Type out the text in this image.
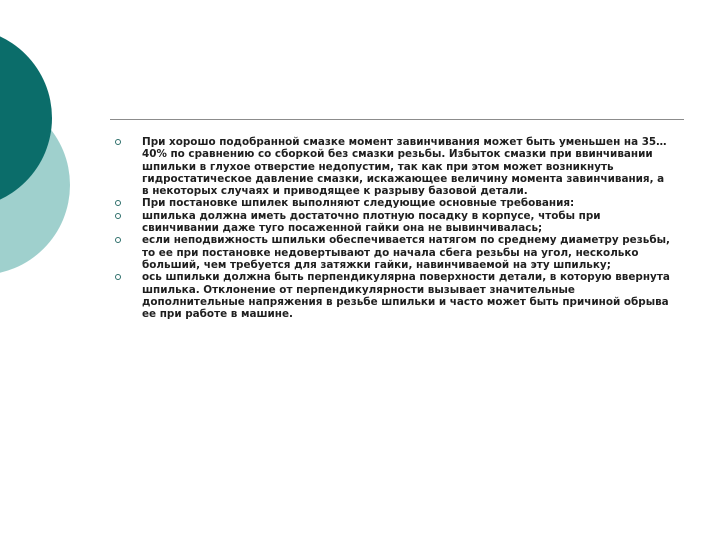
При хорошо подобранной смазке момент завинчивания может быть уменьшен на 35…40% по сравнению со сборкой без смазки резьбы. Избыток смазки при ввинчивании шпильки в глухое отверстие недопустим, так как при этом может возникнуть гидростатическое давление смазки, искажающее величину момента завинчивания, а в некоторых случаях и приводящее к разрыву базовой детали.
При постановке шпилек выполняют следующие основные требования:
шпилька должна иметь достаточно плотную посадку в корпусе, чтобы при свинчивании даже туго посаженной гайки она не вывинчивалась;
если неподвижность шпильки обеспечивается натягом по среднему диаметру резьбы, то ее при постановке недовертывают до начала сбега резьбы на угол, несколько больший, чем требуется для затяжки гайки, навинчиваемой на эту шпильку;
ось шпильки должна быть перпендикулярна поверхности детали, в которую ввернута шпилька. Отклонение от перпендикулярности вызывает значительные дополнительные напряжения в резьбе шпильки и часто может быть причиной обрыва ее при работе в машине.
